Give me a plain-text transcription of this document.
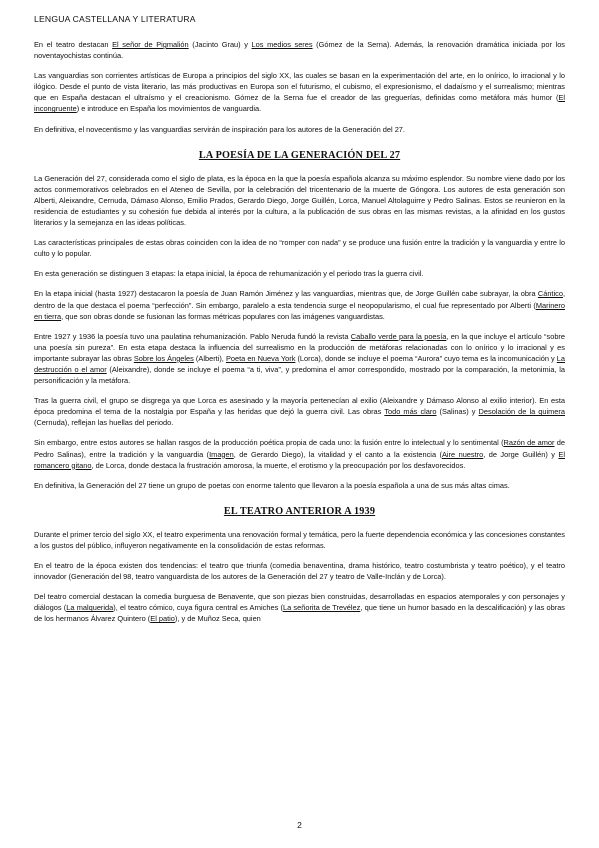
LENGUA CASTELLANA Y LITERATURA

En el teatro destacan El señor de Pigmalión (Jacinto Grau) y Los medios seres (Gómez de la Serna). Además, la renovación dramática iniciada por los noventayochistas continúa.

Las vanguardias son corrientes artísticas de Europa a principios del siglo XX, las cuales se basan en la experimentación del arte, en lo onírico, lo irracional y lo ilógico. Desde el punto de vista literario, las más productivas en Europa son el futurismo, el cubismo, el expresionismo, el dadaísmo y el surrealismo; mientras que en España destacan el ultraísmo y el creacionismo. Gómez de la Serna fue el creador de las greguerías, definidas como metáfora más humor (El incongruente) e introduce en España los movimientos de vanguardia.

En definitiva, el novecentismo y las vanguardias servirán de inspiración para los autores de la Generación del 27.

LA POESÍA DE LA GENERACIÓN DEL 27

La Generación del 27, considerada como el siglo de plata, es la época en la que la poesía española alcanza su máximo esplendor. Su nombre viene dado por los actos conmemorativos celebrados en el Ateneo de Sevilla, por la celebración del tricentenario de la muerte de Góngora. Los autores de esta generación son Alberti, Aleixandre, Cernuda, Dámaso Alonso, Emilio Prados, Gerardo Diego, Jorge Guillén, Lorca, Manuel Altolaguirre y Pedro Salinas. Estos se reunieron en la residencia de estudiantes y su cohesión fue debida al interés por la cultura, a la publicación de sus obras en las mismas revistas, a la afinidad en los gustos literarios y la semejanza en las ideas políticas.

Las características principales de estas obras coinciden con la idea de no “romper con nada” y se produce una fusión entre la tradición y la vanguardia y entre lo culto y lo popular.

En esta generación se distinguen 3 etapas: la etapa inicial, la época de rehumanización y el periodo tras la guerra civil.

En la etapa inicial (hasta 1927) destacaron la poesía de Juan Ramón Jiménez y las vanguardias, mientras que, de Jorge Guillén cabe subrayar, la obra Cántico, dentro de la que destaca el poema “perfección”. Sin embargo, paralelo a esta tendencia surge el neopopularismo, el cual fue representado por Alberti (Marinero en tierra, que son obras donde se fusionan las formas métricas populares con las imágenes vanguardistas.

Entre 1927 y 1936 la poesía tuvo una paulatina rehumanización. Pablo Neruda fundó la revista Caballo verde para la poesía, en la que incluye el artículo “sobre una poesía sin pureza”. En esta etapa destaca la influencia del surrealismo en la producción de metáforas relacionadas con lo onírico y lo irracional y es importante subrayar las obras Sobre los Ángeles (Alberti), Poeta en Nueva York (Lorca), donde se incluye el poema “Aurora” cuyo tema es la incomunicación y La destrucción o el amor (Aleixandre), donde se incluye el poema “a ti, viva”, y predomina el amor correspondido, mostrado por la comparación, la metonimia, la personificación y la metáfora.

Tras la guerra civil, el grupo se disgrega ya que Lorca es asesinado y la mayoría pertenecían al exilio (Aleixandre y Dámaso Alonso al exilio interior). En esta época predomina el tema de la nostalgia por España y las heridas que dejó la guerra civil. Las obras Todo más claro (Salinas) y Desolación de la quimera (Cernuda), reflejan las huellas del periodo.

Sin embargo, entre estos autores se hallan rasgos de la producción poética propia de cada uno: la fusión entre lo intelectual y lo sentimental (Razón de amor de Pedro Salinas), entre la tradición y la vanguardia (Imagen, de Gerardo Diego), la vitalidad y el canto a la existencia (Aire nuestro, de Jorge Guillén) y El romancero gitano, de Lorca, donde destaca la frustración amorosa, la muerte, el erotismo y la preocupación por los desfavorecidos.

En definitiva, la Generación del 27 tiene un grupo de poetas con enorme talento que llevaron a la poesía española a una de sus más altas cimas.

EL TEATRO ANTERIOR A 1939

Durante el primer tercio del siglo XX, el teatro experimenta una renovación formal y temática, pero la fuerte dependencia económica y las concesiones constantes a los gustos del público, influyeron negativamente en la consolidación de estas reformas.

En el teatro de la época existen dos tendencias: el teatro que triunfa (comedia benaventina, drama histórico, teatro costumbrista y teatro poético), y el teatro innovador (Generación del 98, teatro vanguardista de los autores de la Generación del 27 y teatro de Valle-Inclán y de Lorca).

Del teatro comercial destacan la comedia burguesa de Benavente, que son piezas bien construidas, desarrolladas en espacios atemporales y con personajes y diálogos (La malquerida), el teatro cómico, cuya figura central es Arniches (La señorita de Trevélez, que tiene un humor basado en la descalificación) y las obras de los hermanos Álvarez Quintero (El patio), y de Muñoz Seca, quien

2
